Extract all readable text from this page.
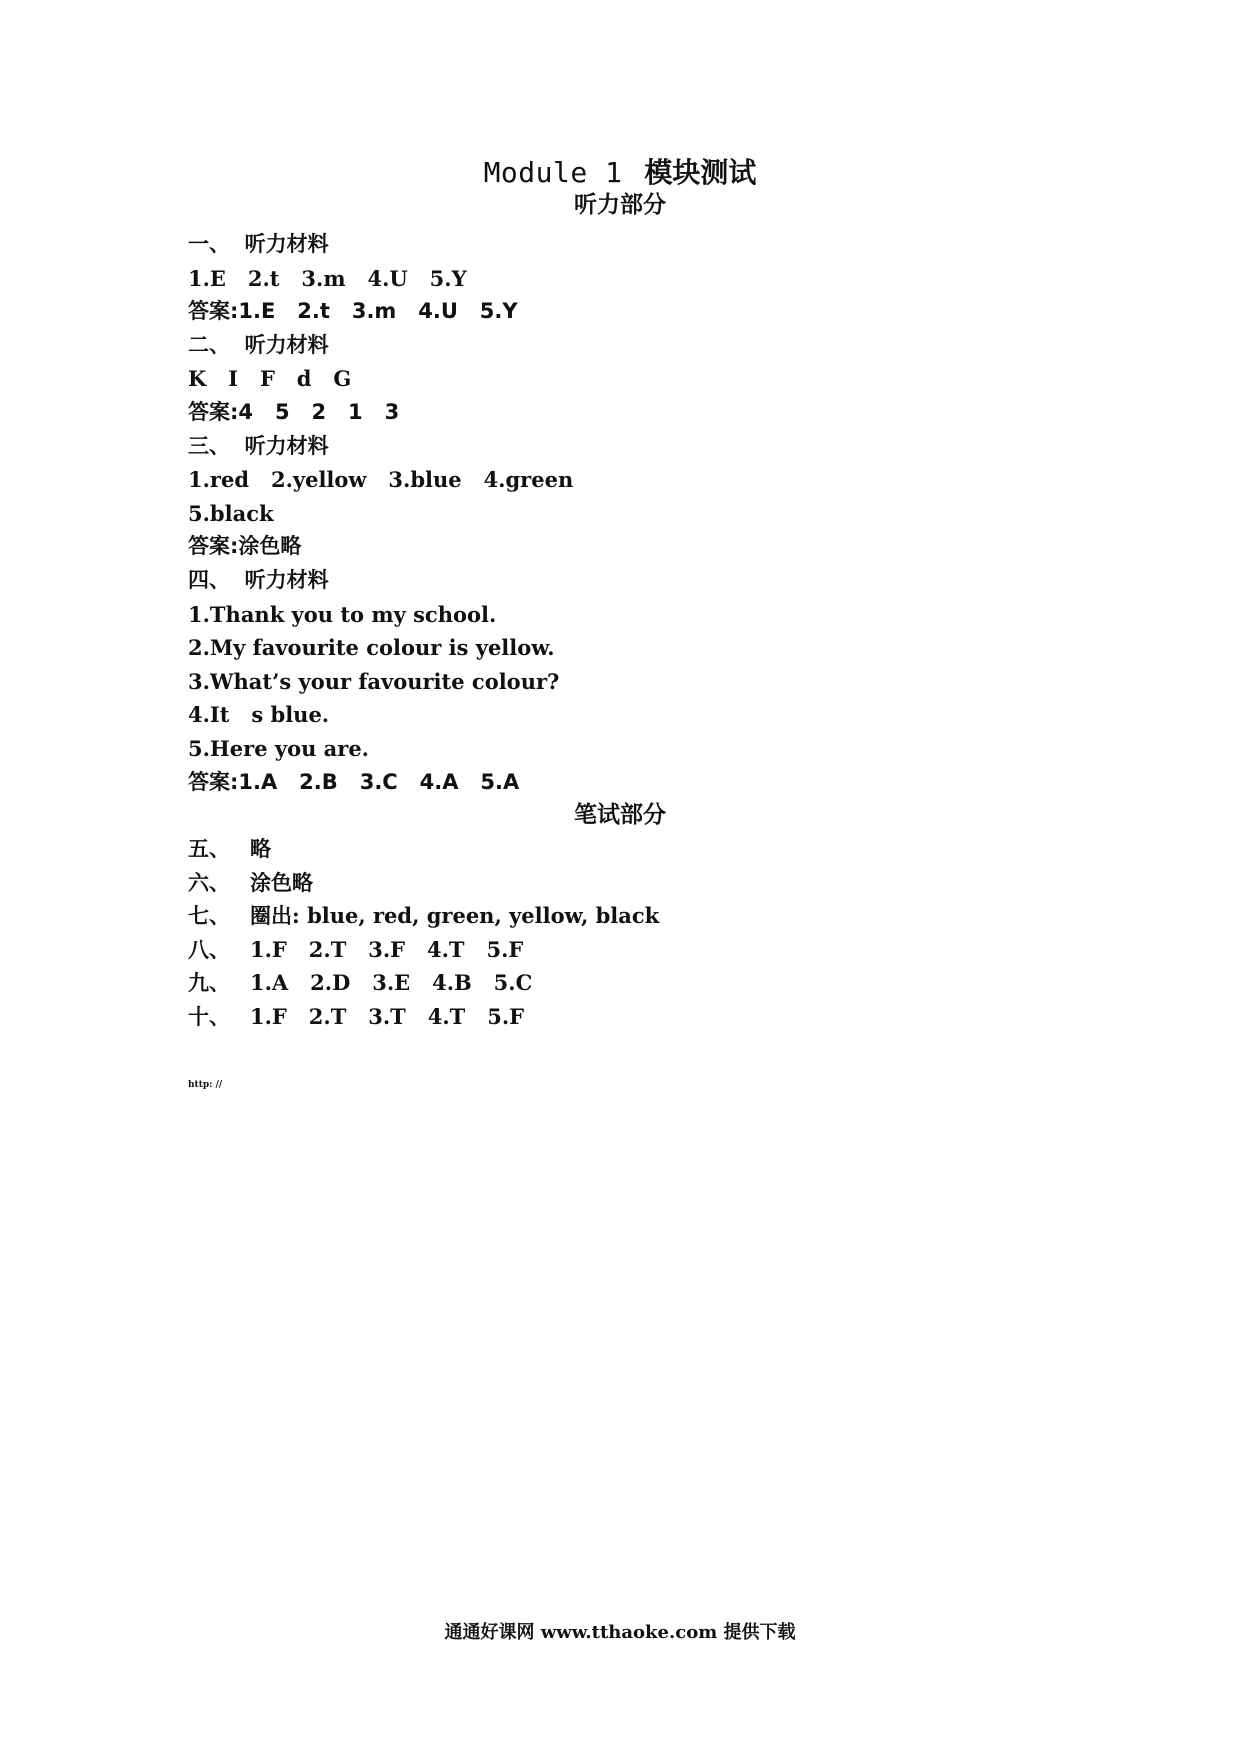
Module 1 模块测试
听力部分
一、  听力材料
1.E   2.t   3.m   4.U   5.Y
答案:1.E   2.t   3.m   4.U   5.Y
二、  听力材料
K   I   F   d   G
答案:4   5   2   1   3
三、  听力材料
1.red   2.yellow   3.blue   4.green
5.black
答案:涂色略
四、  听力材料
1.Thank you to my school.
2.My favourite colour is yellow.
3.What’s your favourite colour?
4.It   s blue.
5.Here you are.
答案:1.A   2.B   3.C   4.A   5.A
笔试部分
五、 略
六、 涂色略
七、 圈出: blue, red, green, yellow, black
八、 1.F   2.T   3.F   4.T   5.F
九、 1.A   2.D   3.E   4.B   5.C
十、 1.F   2.T   3.T   4.T   5.F
http: //
通通好课网 www.tthaoke.com 提供下载
